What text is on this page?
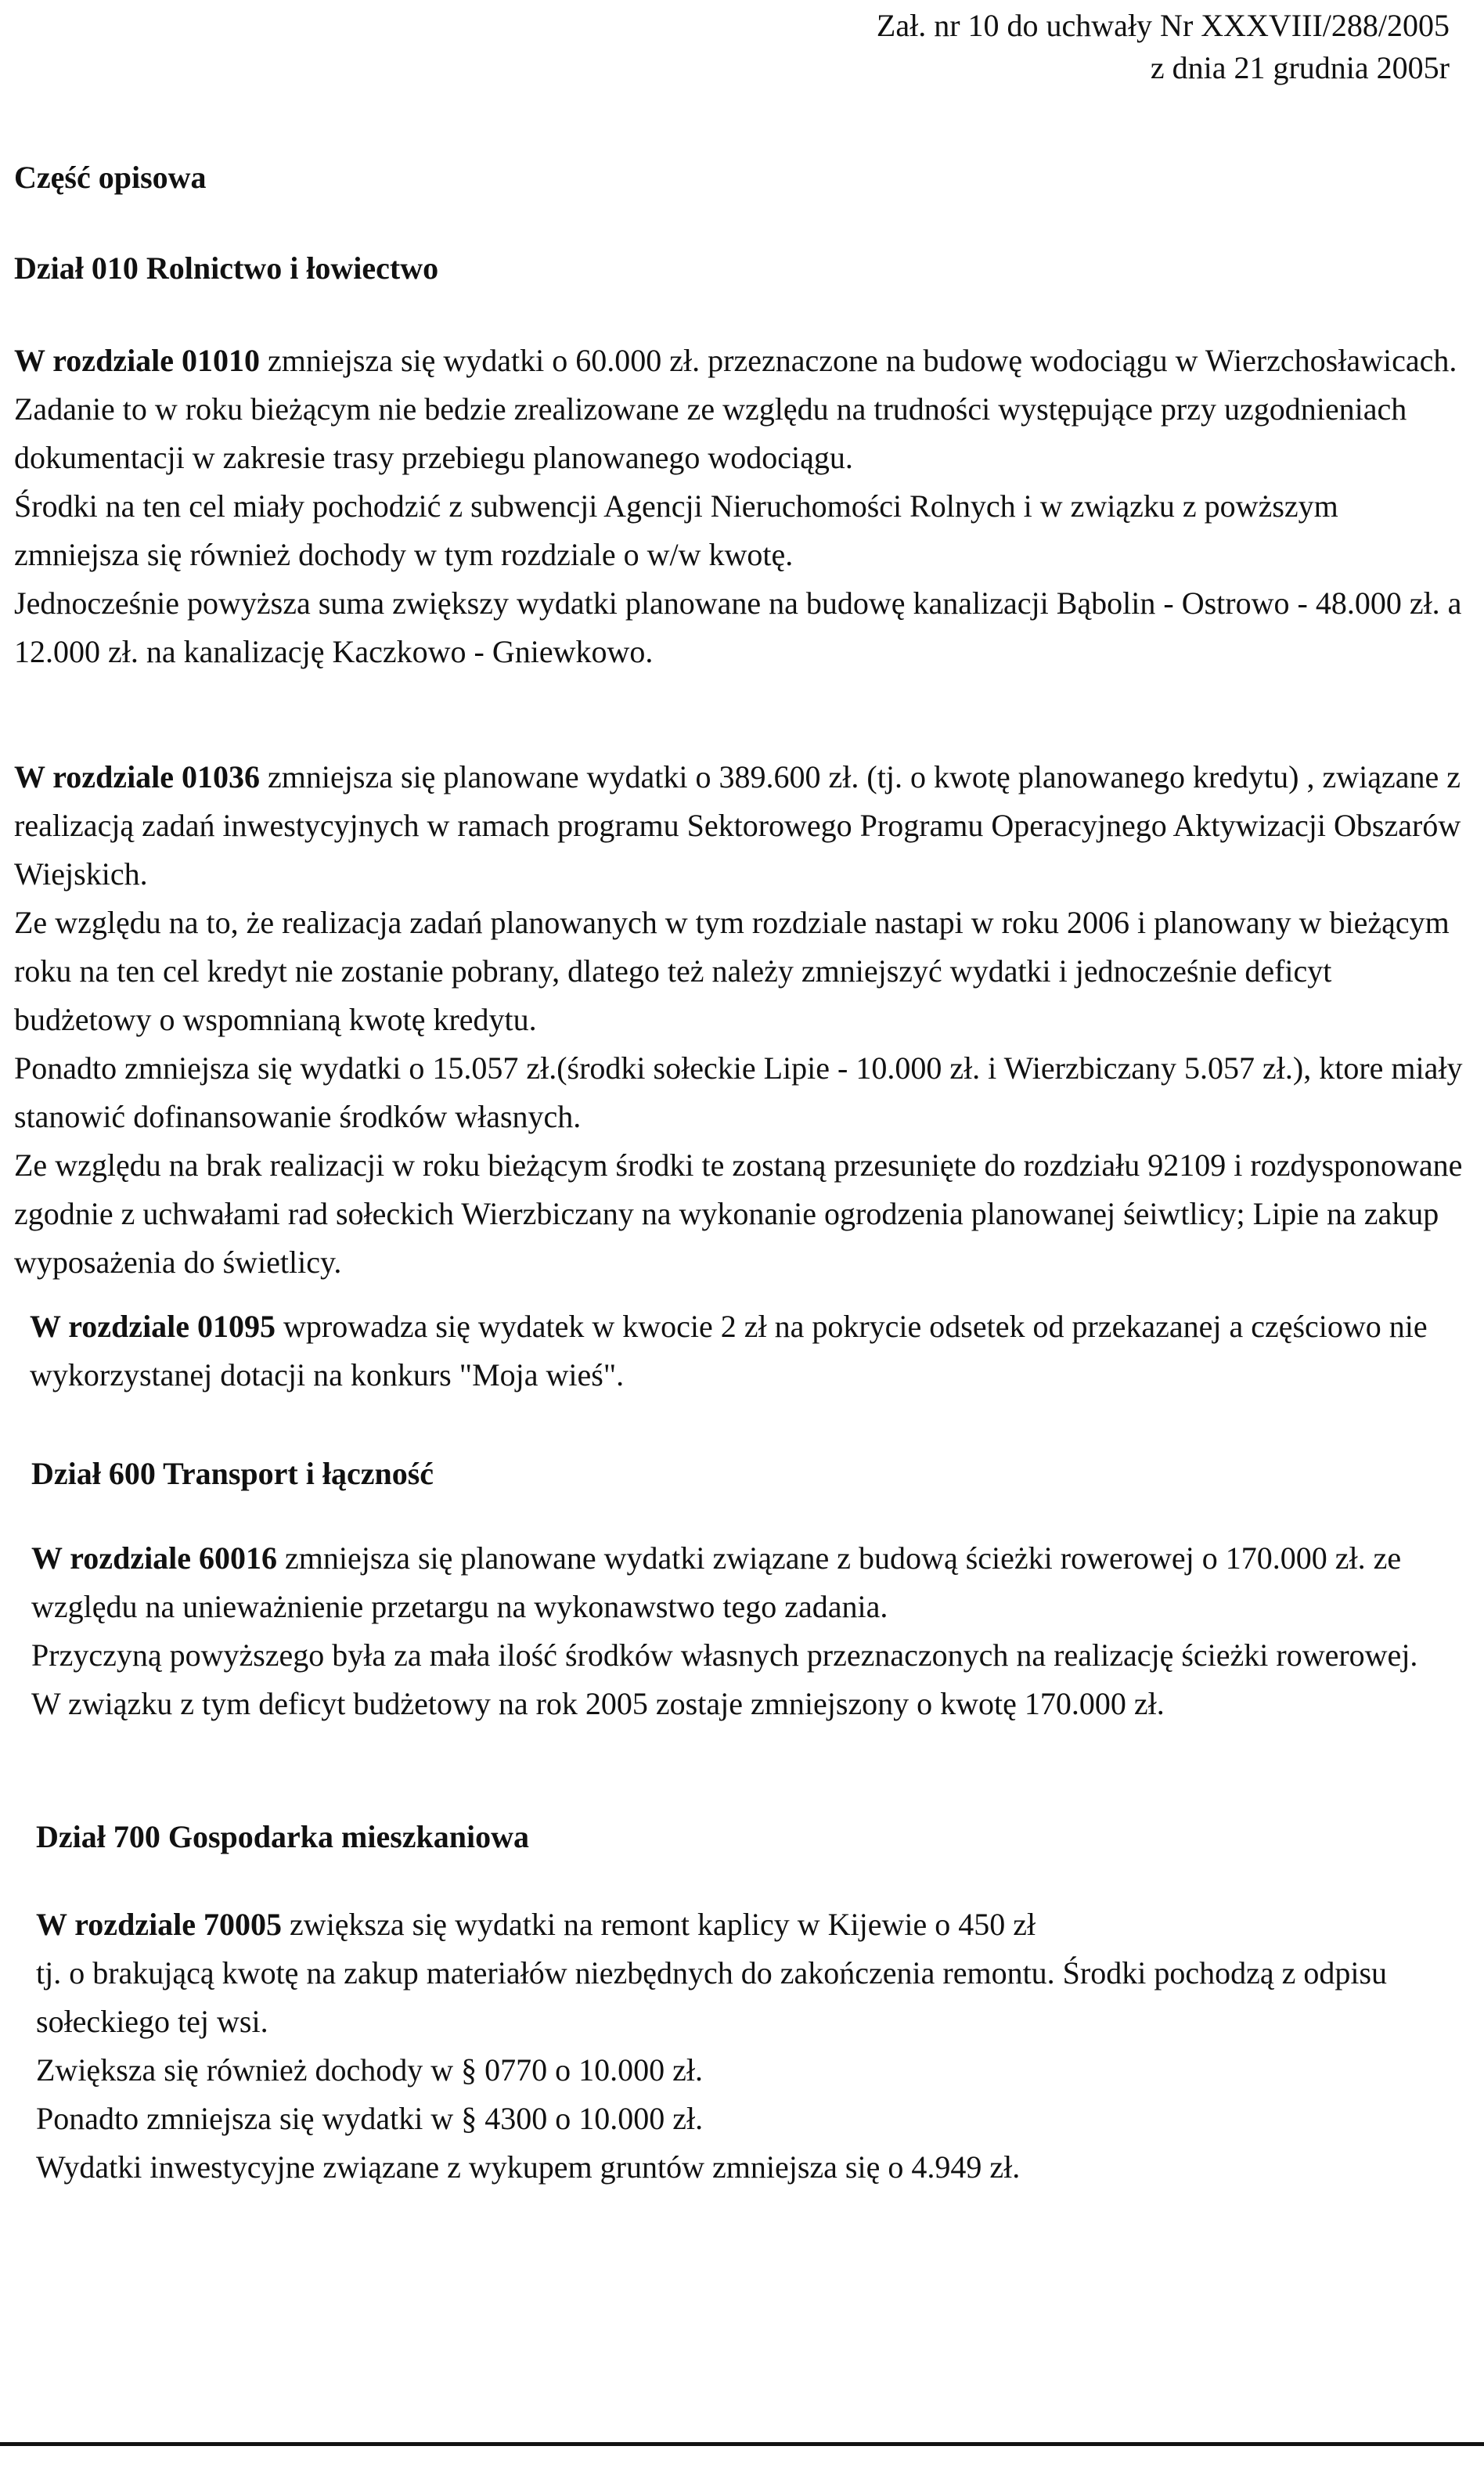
Zał. nr 10 do uchwały Nr XXXVIII/288/2005
z dnia 21 grudnia 2005r
Część opisowa
Dział 010 Rolnictwo i łowiectwo

W rozdziale 01010 zmniejsza się wydatki o 60.000 zł. przeznaczone na budowę wodociągu w Wierzchosławicach. Zadanie to w roku bieżącym nie bedzie zrealizowane ze względu na trudności występujące przy uzgodnieniach dokumentacji w zakresie trasy przebiegu planowanego wodociągu.

Środki na ten cel miały pochodzić z subwencji Agencji Nieruchomości Rolnych i w związku z powższym zmniejsza się również dochody w tym rozdziale o w/w kwotę.

Jednocześnie powyższa suma zwiększy wydatki planowane na budowę kanalizacji Bąbolin - Ostrowo - 48.000 zł. a 12.000 zł. na kanalizację Kaczkowo - Gniewkowo.

W rozdziale 01036 zmniejsza się planowane wydatki o 389.600 zł. (tj. o kwotę planowanego kredytu) , związane z realizacją zadań inwestycyjnych w ramach programu Sektorowego Programu Operacyjnego Aktywizacji Obszarów Wiejskich.

Ze względu na to, że realizacja zadań planowanych w tym rozdziale nastapi w roku 2006 i planowany w bieżącym roku na ten cel kredyt nie zostanie pobrany, dlatego też należy zmniejszyć wydatki i jednocześnie deficyt budżetowy o wspomnianą kwotę kredytu.

Ponadto zmniejsza się wydatki o 15.057 zł.(środki sołeckie Lipie - 10.000 zł. i Wierzbiczany 5.057 zł.), ktore miały stanowić dofinansowanie środków własnych.

Ze względu na brak realizacji w roku bieżącym środki te zostaną przesunięte do rozdziału 92109 i rozdysponowane zgodnie z uchwałami rad sołeckich Wierzbiczany na wykonanie ogrodzenia planowanej śeiwtlicy; Lipie na zakup wyposażenia do świetlicy.

W rozdziale 01095 wprowadza się wydatek w kwocie 2 zł na pokrycie odsetek od przekazanej a częściowo nie wykorzystanej dotacji na konkurs "Moja wieś".

Dział 600 Transport i łączność

W rozdziale 60016 zmniejsza się planowane wydatki związane z budową ścieżki rowerowej o 170.000 zł. ze względu na unieważnienie przetargu na wykonawstwo tego zadania.

Przyczyną powyższego była za mała ilość środków własnych przeznaczonych na realizację ścieżki rowerowej.

W związku z tym deficyt budżetowy na rok 2005 zostaje zmniejszony o kwotę 170.000 zł.

Dział 700 Gospodarka mieszkaniowa

W rozdziale 70005 zwiększa się wydatki na remont kaplicy w Kijewie o 450 zł

tj. o brakującą kwotę na zakup materiałów niezbędnych do zakończenia remontu. Środki pochodzą z odpisu sołeckiego tej wsi.

Zwiększa się również dochody w § 0770 o 10.000 zł.

Ponadto zmniejsza się wydatki w § 4300 o 10.000 zł.

Wydatki inwestycyjne związane z wykupem gruntów zmniejsza się o 4.949 zł.
